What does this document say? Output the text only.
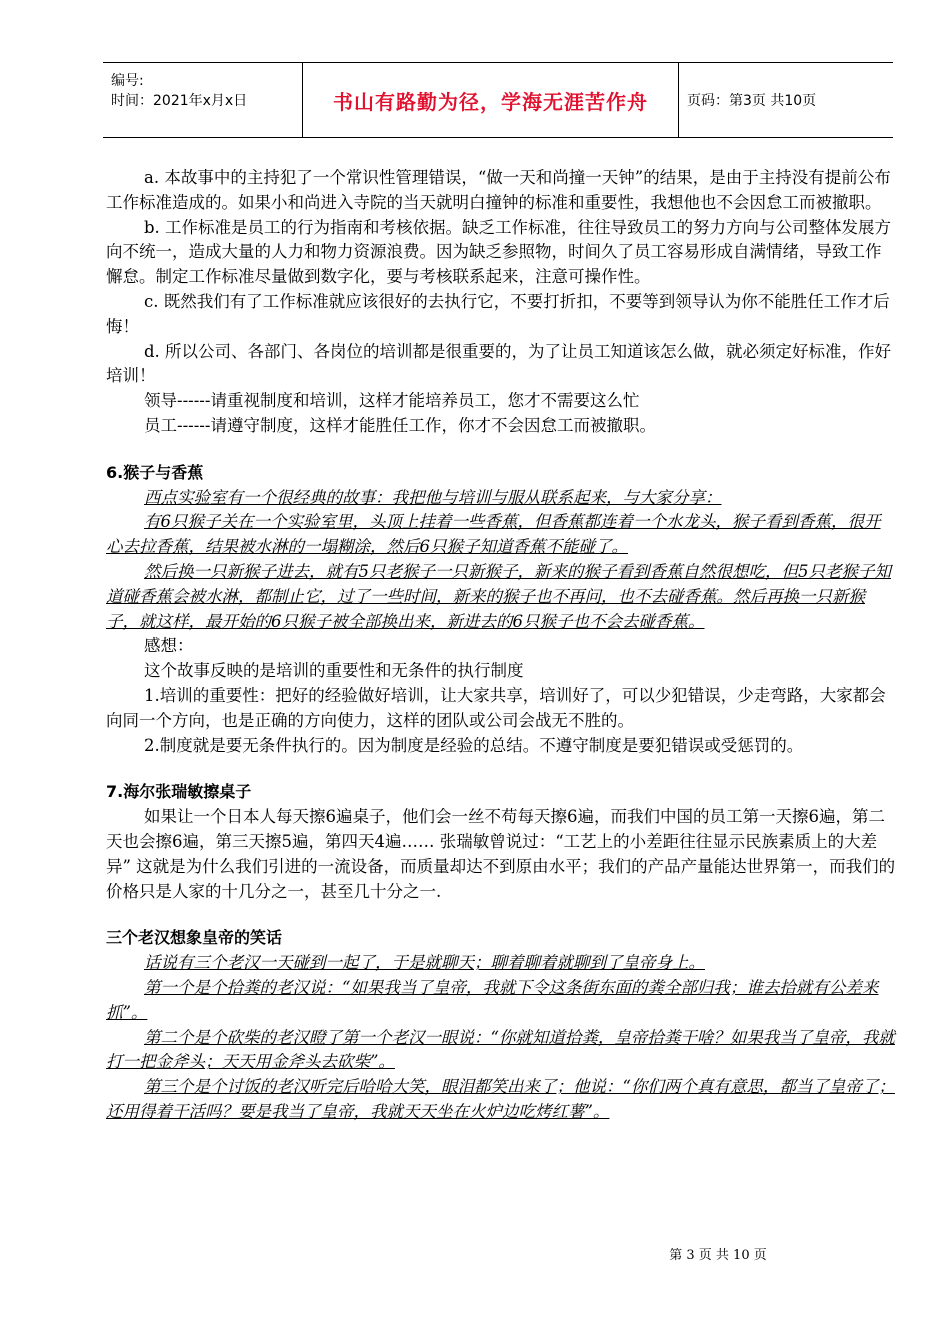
编号:
时间：2021年x月x日	书山有路勤为径，学海无涯苦作舟	页码：第3页 共10页

a. 本故事中的主持犯了一个常识性管理错误，“做一天和尚撞一天钟”的结果，是由于主持没有提前公布工作标准造成的。如果小和尚进入寺院的当天就明白撞钟的标准和重要性，我想他也不会因怠工而被撤职。

b. 工作标准是员工的行为指南和考核依据。缺乏工作标准，往往导致员工的努力方向与公司整体发展方向不统一，造成大量的人力和物力资源浪费。因为缺乏参照物，时间久了员工容易形成自满情绪，导致工作懈怠。制定工作标准尽量做到数字化，要与考核联系起来，注意可操作性。

c. 既然我们有了工作标准就应该很好的去执行它，不要打折扣，不要等到领导认为你不能胜任工作才后悔！

d. 所以公司、各部门、各岗位的培训都是很重要的，为了让员工知道该怎么做，就必须定好标准，作好培训！

领导------请重视制度和培训，这样才能培养员工，您才不需要这么忙

员工------请遵守制度，这样才能胜任工作，你才不会因怠工而被撤职。

6.猴子与香蕉

西点实验室有一个很经典的故事：我把他与培训与服从联系起来，与大家分享：

有6只猴子关在一个实验室里，头顶上挂着一些香蕉，但香蕉都连着一个水龙头，猴子看到香蕉，很开心去拉香蕉，结果被水淋的一塌糊涂，然后6只猴子知道香蕉不能碰了。

然后换一只新猴子进去，就有5只老猴子一只新猴子，新来的猴子看到香蕉自然很想吃，但5只老猴子知道碰香蕉会被水淋，都制止它，过了一些时间，新来的猴子也不再问，也不去碰香蕉。然后再换一只新猴子，就这样，最开始的6只猴子被全部换出来，新进去的6只猴子也不会去碰香蕉。

感想：

这个故事反映的是培训的重要性和无条件的执行制度

1.培训的重要性：把好的经验做好培训，让大家共享，培训好了，可以少犯错误，少走弯路，大家都会向同一个方向，也是正确的方向使力，这样的团队或公司会战无不胜的。

2.制度就是要无条件执行的。因为制度是经验的总结。不遵守制度是要犯错误或受惩罚的。

7.海尔张瑞敏擦桌子

如果让一个日本人每天擦6遍桌子，他们会一丝不苟每天擦6遍，而我们中国的员工第一天擦6遍，第二天也会擦6遍，第三天擦5遍，第四天4遍…… 张瑞敏曾说过：“工艺上的小差距往往显示民族素质上的大差异” 这就是为什么我们引进的一流设备，而质量却达不到原由水平；我们的产品产量能达世界第一，而我们的价格只是人家的十几分之一，甚至几十分之一.

三个老汉想象皇帝的笑话

话说有三个老汉一天碰到一起了，于是就聊天；聊着聊着就聊到了皇帝身上。

第一个是个拾粪的老汉说：“如果我当了皇帝，我就下令这条街东面的粪全部归我；谁去拾就有公差来抓”。

第二个是个砍柴的老汉瞪了第一个老汉一眼说：“你就知道拾粪，皇帝拾粪干啥？如果我当了皇帝，我就打一把金斧头；天天用金斧头去砍柴”。

第三个是个讨饭的老汉听完后哈哈大笑，眼泪都笑出来了；他说：“你们两个真有意思，都当了皇帝了；还用得着干活吗？要是我当了皇帝，我就天天坐在火炉边吃烤红薯”。

第 3 页 共 10 页
